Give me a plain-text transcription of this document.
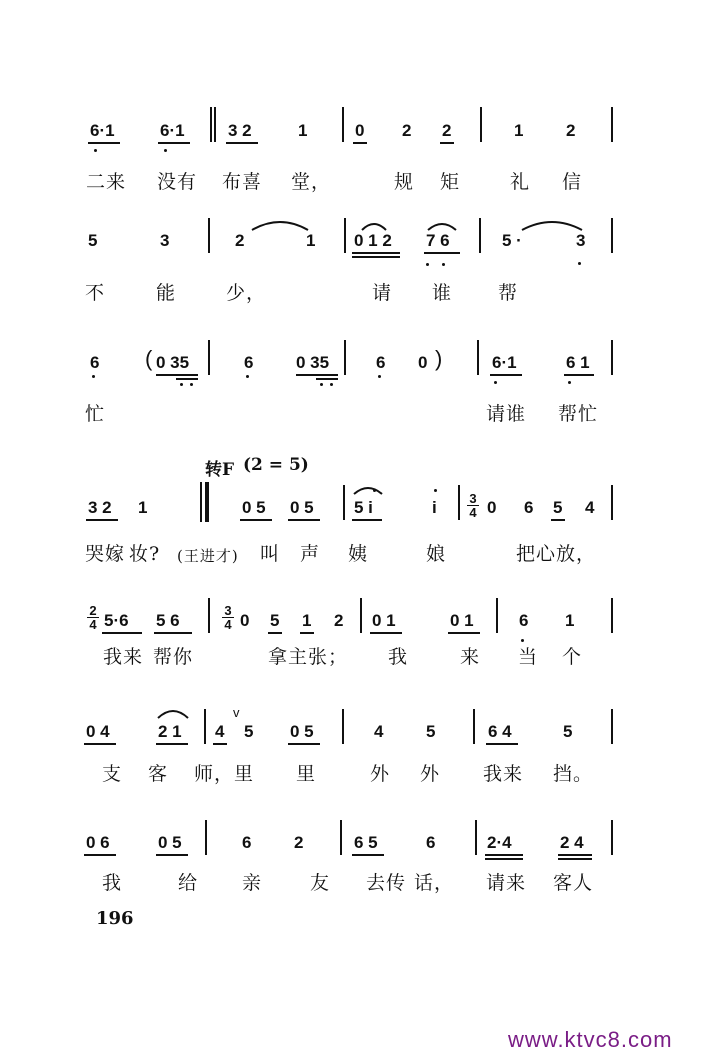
6·1	6·1	3 2	1	0 2 2	1	2
二来 没有 布喜 堂，	规 矩	礼 信
5	3	2	1 0 1 2 7 6	5 ·	3
不	能	少，	请 谁 帮
6 ( 0 35	6	0 35	6 0 )	6·1	6 1
忙	请谁 帮忙
转F (2 = 5)
3 2 1	0 5 0 5 5 i	i	0 6 5 4
3
4
哭嫁 妆? (王进才) 叫 声 姨	娘	把心放，
2
4 5·6 5 6
3
4 0 5 1 2 0 1	0 1	6 1
我来 帮你	拿主张； 我	来 当 个
0 4	2 1 4 5 0 5	4	5	6 4	5
v
支 客 师，里 里	外 外 我来 挡。
0 6	0 5	6	2	6 5	6	2·4	2 4
我	给 亲	友 去传 话， 请来 客人
196
www.ktvc8.com
